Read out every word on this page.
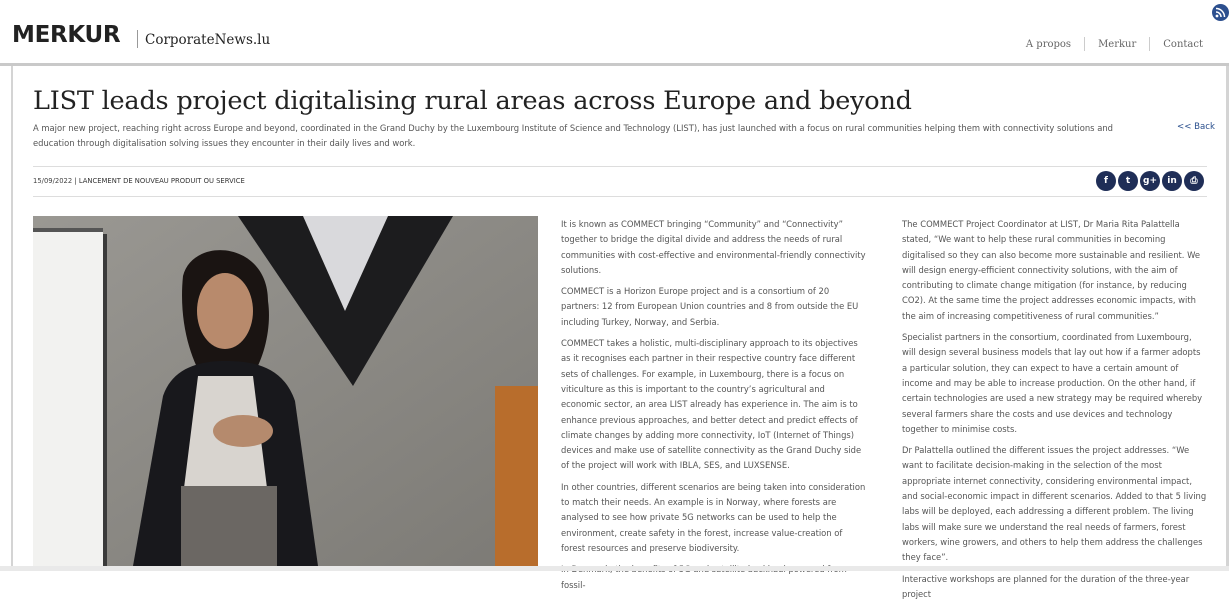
MERKUR CorporateNews.lu	A propos	Merkur	Contact
LIST leads project digitalising rural areas across Europe and beyond

A major new project, reaching right across Europe and beyond, coordinated in the Grand Duchy by the Luxembourg Institute of Science and Technology (LIST), has just launched with a focus on rural communities helping them with connectivity solutions and education through digitalisation solving issues they encounter in their daily lives and work.

<< Back
15/09/2022 | LANCEMENT DE NOUVEAU PRODUIT OU SERVICE	f	t	g+	in	⎙

It is known as COMMECT bringing “Community” and “Connectivity” together to bridge the digital divide and address the needs of rural communities with cost-effective and environmental-friendly connectivity solutions.

COMMECT is a Horizon Europe project and is a consortium of 20 partners: 12 from European Union countries and 8 from outside the EU including Turkey, Norway, and Serbia.

COMMECT takes a holistic, multi-disciplinary approach to its objectives as it recognises each partner in their respective country face different sets of challenges. For example, in Luxembourg, there is a focus on viticulture as this is important to the country’s agricultural and economic sector, an area LIST already has experience in. The aim is to enhance previous approaches, and better detect and predict effects of climate changes by adding more connectivity, IoT (Internet of Things) devices and make use of satellite connectivity as the Grand Duchy side of the project will work with IBLA, SES, and LUXSENSE.

In other countries, different scenarios are being taken into consideration to match their needs. An example is in Norway, where forests are analysed to see how private 5G networks can be used to help the environment, create safety in the forest, increase value-creation of forest resources and preserve biodiversity.

fossil-

The COMMECT Project Coordinator at LIST, Dr Maria Rita Palattella stated, “We want to help these rural communities in becoming digitalised so they can also become more sustainable and resilient. We will design energy-efficient connectivity solutions, with the aim of contributing to climate change mitigation (for instance, by reducing CO2). At the same time the project addresses economic impacts, with the aim of increasing competitiveness of rural communities.”

Specialist partners in the consortium, coordinated from Luxembourg, will design several business models that lay out how if a farmer adopts a particular solution, they can expect to have a certain amount of income and may be able to increase production. On the other hand, if certain technologies are used a new strategy may be required whereby several farmers share the costs and use devices and technology together to minimise costs.

Dr Palattella outlined the different issues the project addresses. “We want to facilitate decision-making in the selection of the most appropriate internet connectivity, considering environmental impact, and social-economic impact in different scenarios. Added to that 5 living labs will be deployed, each addressing a different problem. The living labs will make sure we understand the real needs of farmers, forest workers, wine growers, and others to help them address the challenges they face”.

Interactive workshops are planned for the duration of the three-year project
